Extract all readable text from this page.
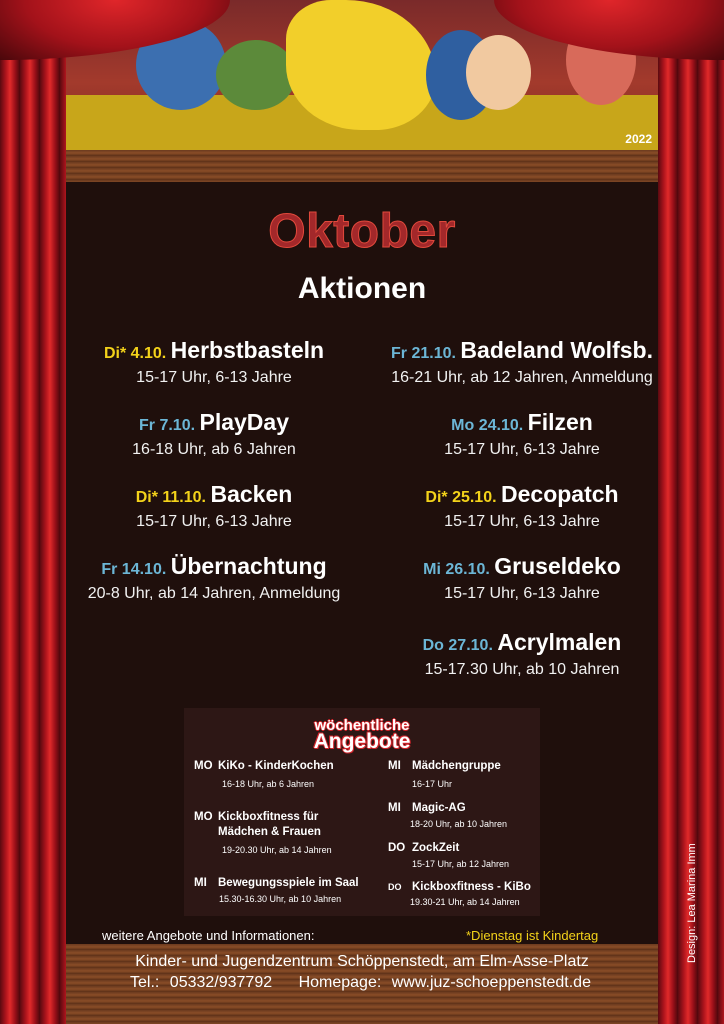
2022
Oktober
Aktionen
Di* 4.10. Herbstbasteln
15-17 Uhr, 6-13 Jahre
Fr 7.10. PlayDay
16-18 Uhr, ab 6 Jahren
Di* 11.10. Backen
15-17 Uhr, 6-13 Jahre
Fr 14.10. Übernachtung
20-8 Uhr, ab 14 Jahren, Anmeldung
Fr 21.10. Badeland Wolfsb.
16-21 Uhr, ab 12 Jahren, Anmeldung
Mo 24.10. Filzen
15-17 Uhr, 6-13 Jahre
Di* 25.10. Decopatch
15-17 Uhr, 6-13 Jahre
Mi 26.10. Gruseldeko
15-17 Uhr, 6-13 Jahre
Do 27.10. Acrylmalen
15-17.30 Uhr, ab 10 Jahren
wöchentliche
Angebote
MO KiKo - KinderKochen
16-18 Uhr, ab 6 Jahren
MO Kickboxfitness für
Mädchen & Frauen
19-20.30 Uhr, ab 14 Jahren
MI Bewegungsspiele im Saal
15.30-16.30 Uhr, ab 10 Jahren
MI Mädchengruppe
16-17 Uhr
MI Magic-AG
18-20 Uhr, ab 10 Jahren
DO ZockZeit
15-17 Uhr, ab 12 Jahren
DO Kickboxfitness - KiBo
19.30-21 Uhr, ab 14 Jahren
weitere Angebote und Informationen:	*Dienstag ist Kindertag
Kinder- und Jugendzentrum Schöppenstedt, am Elm-Asse-Platz
Tel.: 05332/937792 Homepage: www.juz-schoeppenstedt.de
Design: Lea Marina Imm
